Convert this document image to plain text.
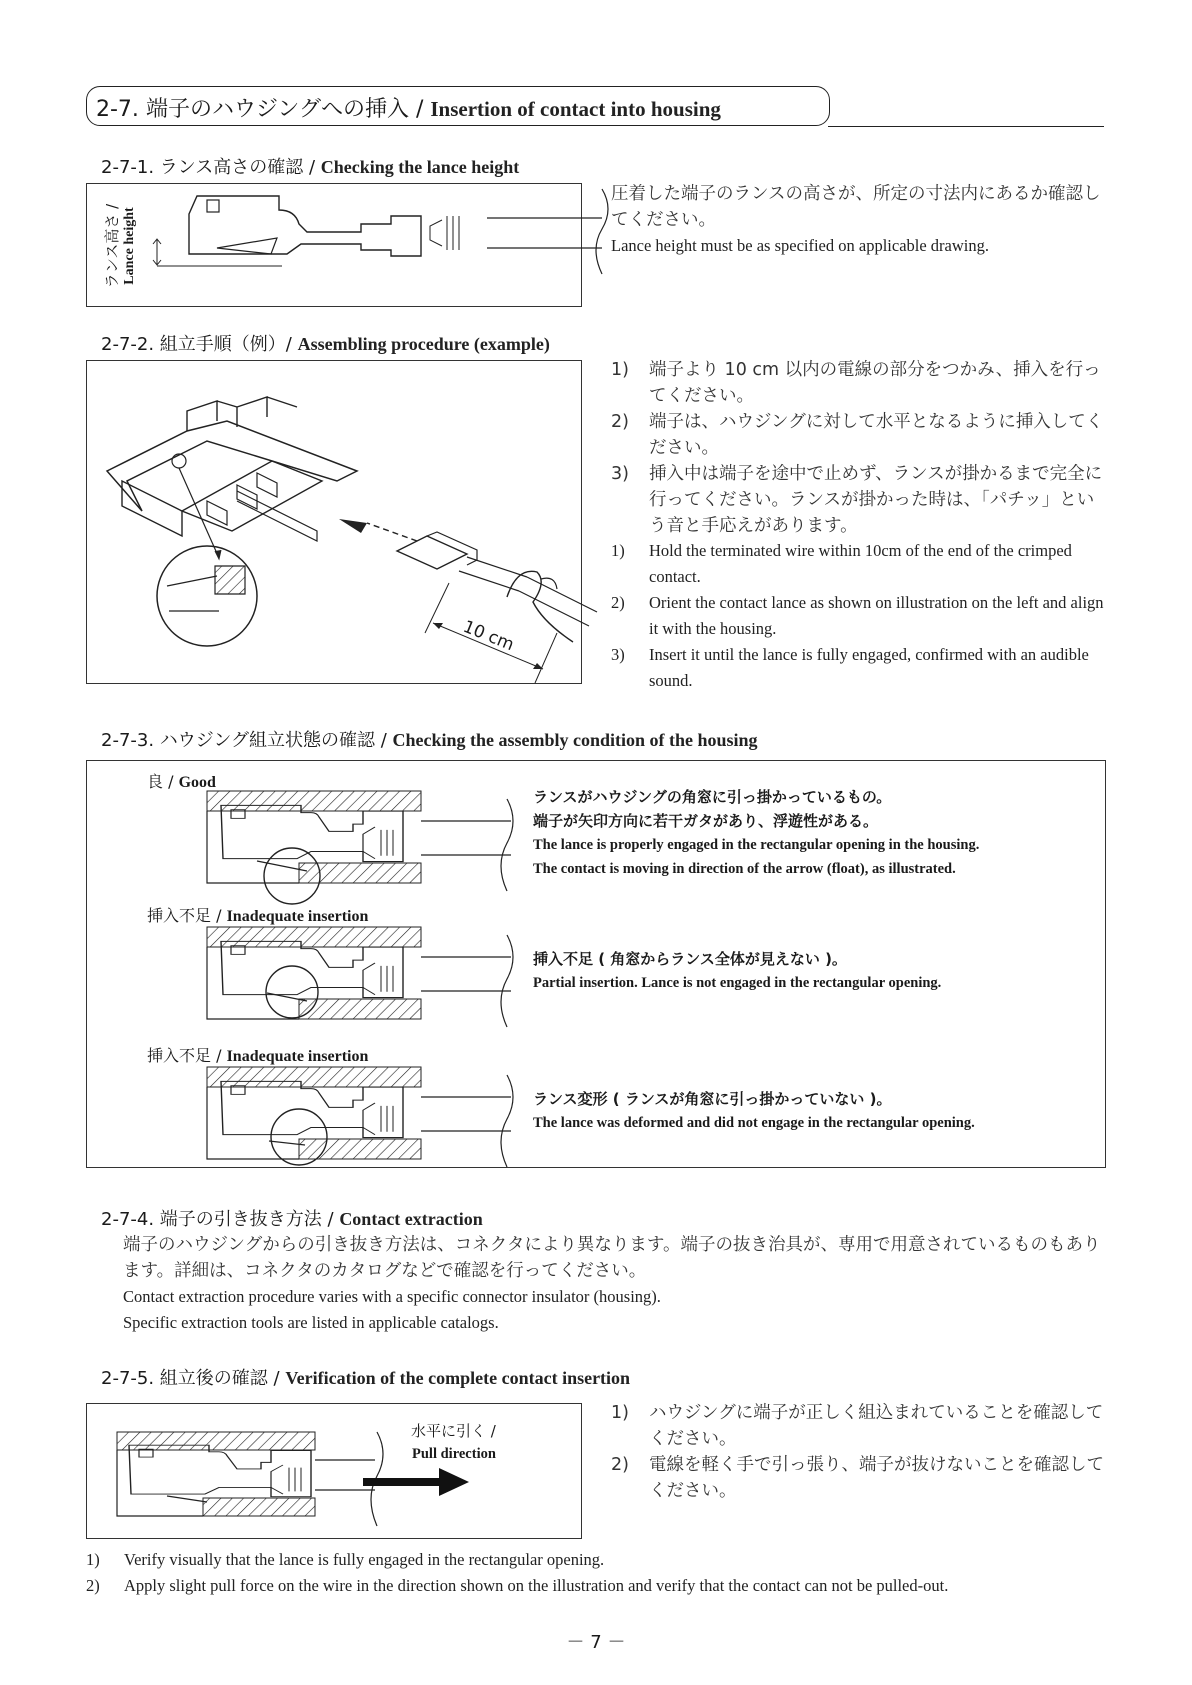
2-7. 端子のハウジングへの挿入 / Insertion of contact into housing
2-7-1. ランス高さの確認 / Checking the lance height
ランス高さ / Lance height
圧着した端子のランスの高さが、所定の寸法内にあるか確認してください。
Lance height must be as specified on applicable drawing.
2-7-2. 組立手順（例）/ Assembling procedure (example)
10 cm
1) 端子より 10 cm 以内の電線の部分をつかみ、挿入を行ってください。
2) 端子は、ハウジングに対して水平となるように挿入してください。
3) 挿入中は端子を途中で止めず、ランスが掛かるまで完全に行ってください。ランスが掛かった時は、「パチッ」という音と手応えがあります。
1) Hold the terminated wire within 10cm of the end of the crimped contact.
2) Orient the contact lance as shown on illustration on the left and align it with the housing.
3) Insert it until the lance is fully engaged, confirmed with an audible sound.
2-7-3. ハウジング組立状態の確認 / Checking the assembly condition of the housing
良 / Good
ランスがハウジングの角窓に引っ掛かっているもの。
端子が矢印方向に若干ガタがあり、浮遊性がある。
The lance is properly engaged in the rectangular opening in the housing.
The contact is moving in direction of the arrow (float), as illustrated.
挿入不足 / Inadequate insertion
挿入不足 ( 角窓からランス全体が見えない )。
Partial insertion. Lance is not engaged in the rectangular opening.
挿入不足 / Inadequate insertion
ランス変形 ( ランスが角窓に引っ掛かっていない )。
The lance was deformed and did not engage in the rectangular opening.
2-7-4. 端子の引き抜き方法 / Contact extraction
端子のハウジングからの引き抜き方法は、コネクタにより異なります。端子の抜き治具が、専用で用意されているものもあります。詳細は、コネクタのカタログなどで確認を行ってください。
Contact extraction procedure varies with a specific connector insulator (housing).
Specific extraction tools are listed in applicable catalogs.
2-7-5. 組立後の確認 / Verification of the complete contact insertion
水平に引く /
Pull direction
1) ハウジングに端子が正しく組込まれていることを確認してください。
2) 電線を軽く手で引っ張り、端子が抜けないことを確認してください。
1) Verify visually that the lance is fully engaged in the rectangular opening.
2) Apply slight pull force on the wire in the direction shown on the illustration and verify that the contact can not be pulled-out.
－ 7 －
